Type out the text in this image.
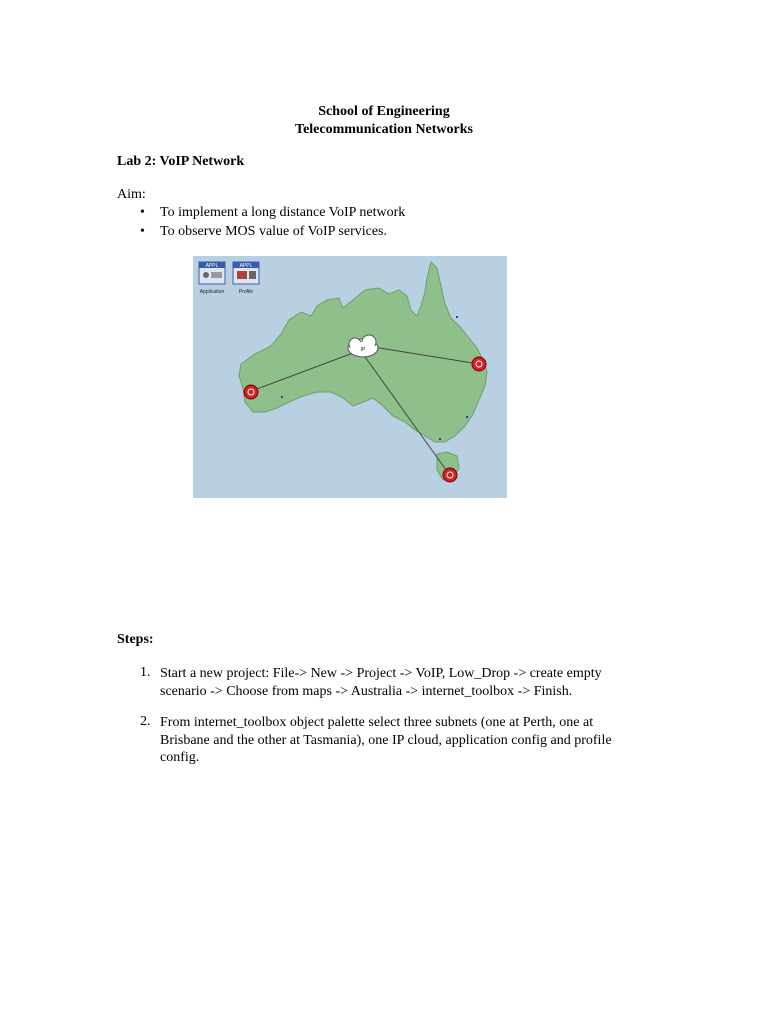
School of Engineering
Telecommunication Networks
Lab 2: VoIP Network
Aim:
• To implement a long distance VoIP network
• To observe MOS value of VoIP services.
APPL
Application
APPL
Profile
IP
Steps:
1. Start a new project: File-> New -> Project -> VoIP, Low_Drop -> create empty
scenario -> Choose from maps -> Australia -> internet_toolbox -> Finish.
2. From internet_toolbox object palette select three subnets (one at Perth, one at
Brisbane and the other at Tasmania), one IP cloud, application config and profile
config.
